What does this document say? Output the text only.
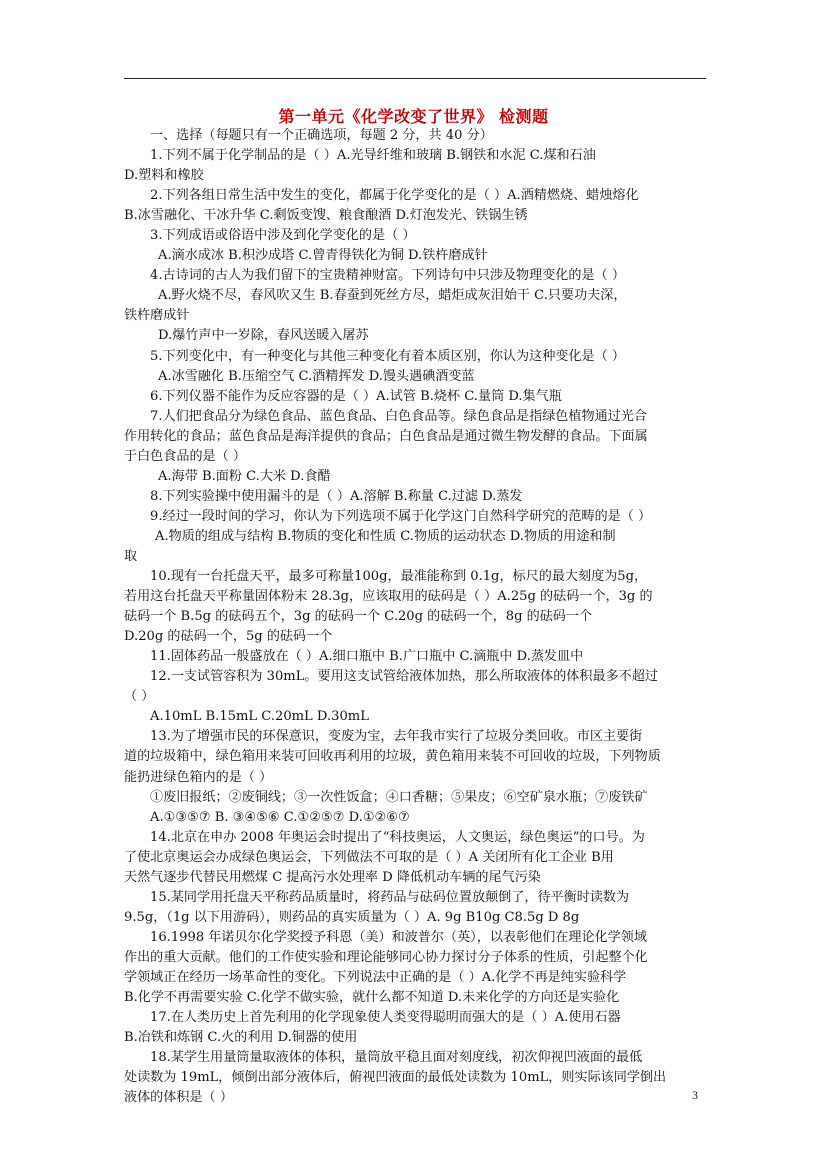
第一单元《化学改变了世界》 检测题
一、选择（每题只有一个正确选项，每题 2 分，共 40 分）
1.下列不属于化学制品的是（ ）A.光导纤维和玻璃 B.钢铁和水泥 C.煤和石油
D.塑料和橡胶
2.下列各组日常生活中发生的变化，都属于化学变化的是（ ）A.酒精燃烧、蜡烛熔化
B.冰雪融化、干冰升华 C.剩饭变馊、粮食酿酒 D.灯泡发光、铁锅生锈
3.下列成语或俗语中涉及到化学变化的是（ ）
A.滴水成冰 B.积沙成塔 C.曾青得铁化为铜 D.铁杵磨成针
4.古诗词的古人为我们留下的宝贵精神财富。下列诗句中只涉及物理变化的是（ ）
A.野火烧不尽，春风吹又生 B.春蚕到死丝方尽，蜡炬成灰泪始干 C.只要功夫深，
铁杵磨成针
D.爆竹声中一岁除，春风送暖入屠苏
5.下列变化中，有一种变化与其他三种变化有着本质区别，你认为这种变化是（ ）
A.冰雪融化 B.压缩空气 C.酒精挥发 D.馒头遇碘酒变蓝
6.下列仪器不能作为反应容器的是（ ）A.试管 B.烧杯 C.量筒 D.集气瓶
7.人们把食品分为绿色食品、蓝色食品、白色食品等。绿色食品是指绿色植物通过光合
作用转化的食品；蓝色食品是海洋提供的食品；白色食品是通过微生物发酵的食品。下面属
于白色食品的是（ ）
A.海带 B.面粉 C.大米 D.食醋
8.下列实验操中使用漏斗的是（ ）A.溶解 B.称量 C.过滤 D.蒸发
9.经过一段时间的学习，你认为下列选项不属于化学这门自然科学研究的范畴的是（ ）
A.物质的组成与结构 B.物质的变化和性质 C.物质的运动状态 D.物质的用途和制
取
10.现有一台托盘天平，最多可称量100g，最准能称到 0.1g，标尺的最大刻度为5g，
若用这台托盘天平称量固体粉末 28.3g，应该取用的砝码是（ ）A.25g 的砝码一个，3g 的
砝码一个 B.5g 的砝码五个，3g 的砝码一个 C.20g 的砝码一个，8g 的砝码一个
D.20g 的砝码一个，5g 的砝码一个
11.固体药品一般盛放在（ ）A.细口瓶中 B.广口瓶中 C.滴瓶中 D.蒸发皿中
12.一支试管容积为 30mL。要用这支试管给液体加热，那么所取液体的体积最多不超过
（ ）
A.10mL B.15mL C.20mL D.30mL
13.为了增强市民的环保意识，变废为宝，去年我市实行了垃圾分类回收。市区主要街
道的垃圾箱中，绿色箱用来装可回收再利用的垃圾，黄色箱用来装不可回收的垃圾，下列物质
能扔进绿色箱内的是（ ）
①废旧报纸；②废铜线；③一次性饭盒；④口香糖；⑤果皮；⑥空矿泉水瓶；⑦废铁矿
A.①③⑤⑦ B. ③④⑤⑥ C.①②⑤⑦ D.①②⑥⑦
14.北京在申办 2008 年奥运会时提出了“科技奥运，人文奥运，绿色奥运”的口号。为
了使北京奥运会办成绿色奥运会，下列做法不可取的是（ ）A 关闭所有化工企业 B用
天然气逐步代替民用燃煤 C 提高污水处理率 D 降低机动车辆的尾气污染
15.某同学用托盘天平称药品质量时，将药品与砝码位置放颠倒了，待平衡时读数为
9.5g，（1g 以下用游码），则药品的真实质量为（ ）A. 9g B10g C8.5g D 8g
16.1998 年诺贝尔化学奖授予科恩（美）和波普尔（英），以表彰他们在理论化学领域
作出的重大贡献。他们的工作使实验和理论能够同心协力探讨分子体系的性质，引起整个化
学领域正在经历一场革命性的变化。下列说法中正确的是（ ）A.化学不再是纯实验科学
B.化学不再需要实验 C.化学不做实验，就什么都不知道 D.未来化学的方向还是实验化
17.在人类历史上首先利用的化学现象使人类变得聪明而强大的是（ ）A.使用石器
B.冶铁和炼钢 C.火的利用 D.铜器的使用
18.某学生用量筒量取液体的体积，量筒放平稳且面对刻度线，初次仰视凹液面的最低
处读数为 19mL，倾倒出部分液体后，俯视凹液面的最低处读数为 10mL，则实际该同学倒出
液体的体积是（ ）	3
